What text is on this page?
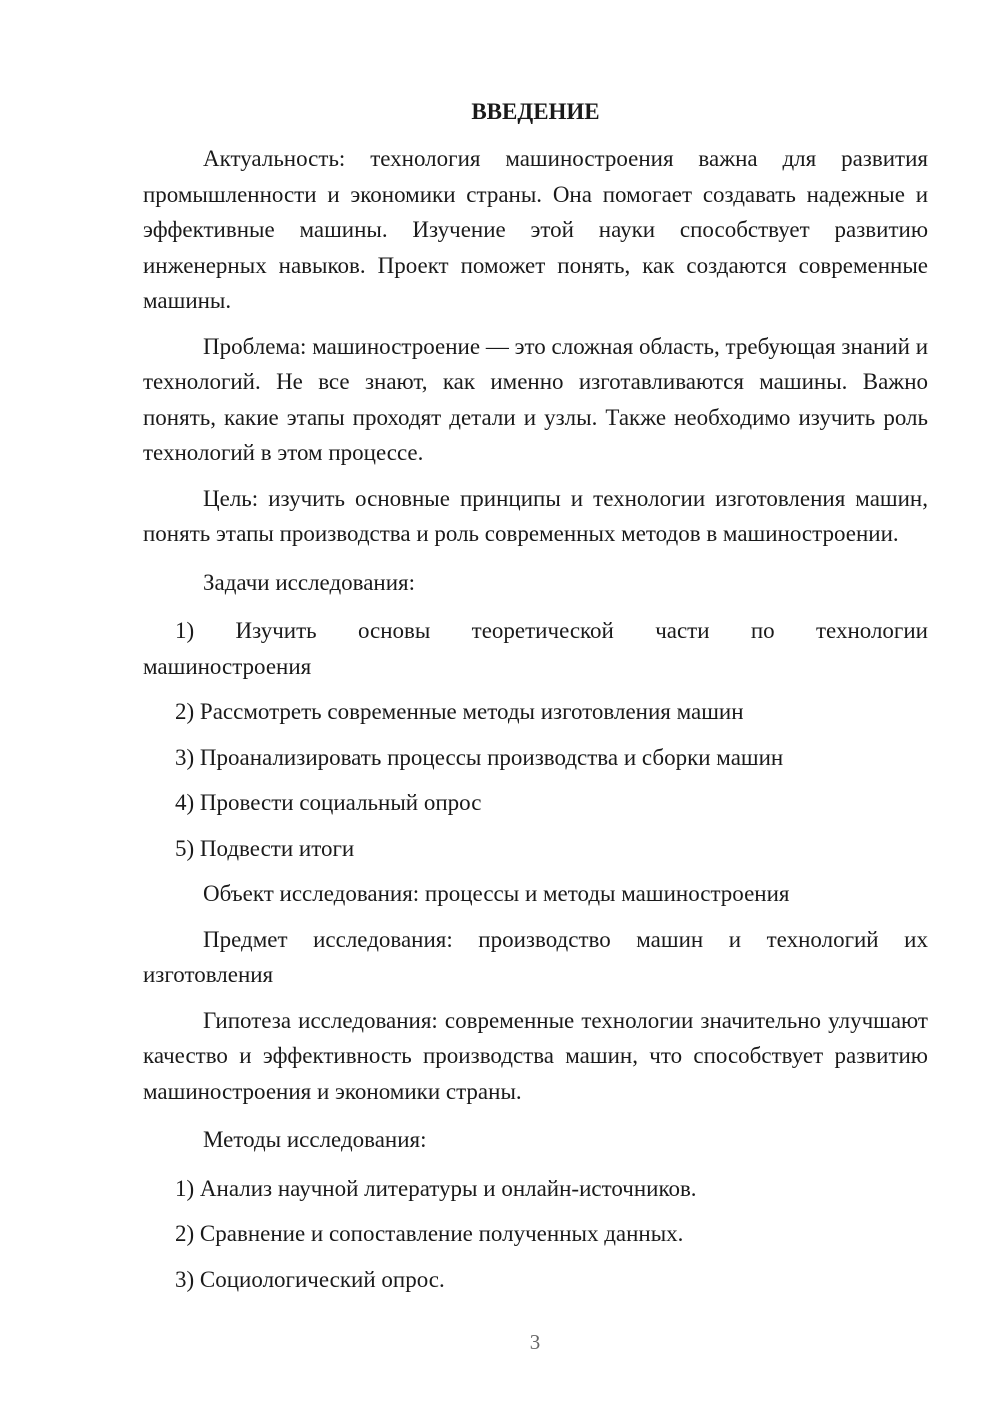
ВВЕДЕНИЕ

Актуальность: технология машиностроения важна для развития промышленности и экономики страны. Она помогает создавать надежные и эффективные машины. Изучение этой науки способствует развитию инженерных навыков. Проект поможет понять, как создаются современные машины.

Проблема: машиностроение — это сложная область, требующая знаний и технологий. Не все знают, как именно изготавливаются машины. Важно понять, какие этапы проходят детали и узлы. Также необходимо изучить роль технологий в этом процессе.

Цель: изучить основные принципы и технологии изготовления машин, понять этапы производства и роль современных методов в машиностроении.

Задачи исследования:

1) Изучить основы теоретической части по технологии

машиностроения

2) Рассмотреть современные методы изготовления машин

3) Проанализировать процессы производства и сборки машин

4) Провести социальный опрос

5) Подвести итоги

Объект исследования: процессы и методы машиностроения

Предмет исследования: производство машин и технологий их изготовления

Гипотеза исследования: современные технологии значительно улучшают качество и эффективность производства машин, что способствует развитию машиностроения и экономики страны.

Методы исследования:

1) Анализ научной литературы и онлайн-источников.

2) Сравнение и сопоставление полученных данных.

3) Социологический опрос.

3
